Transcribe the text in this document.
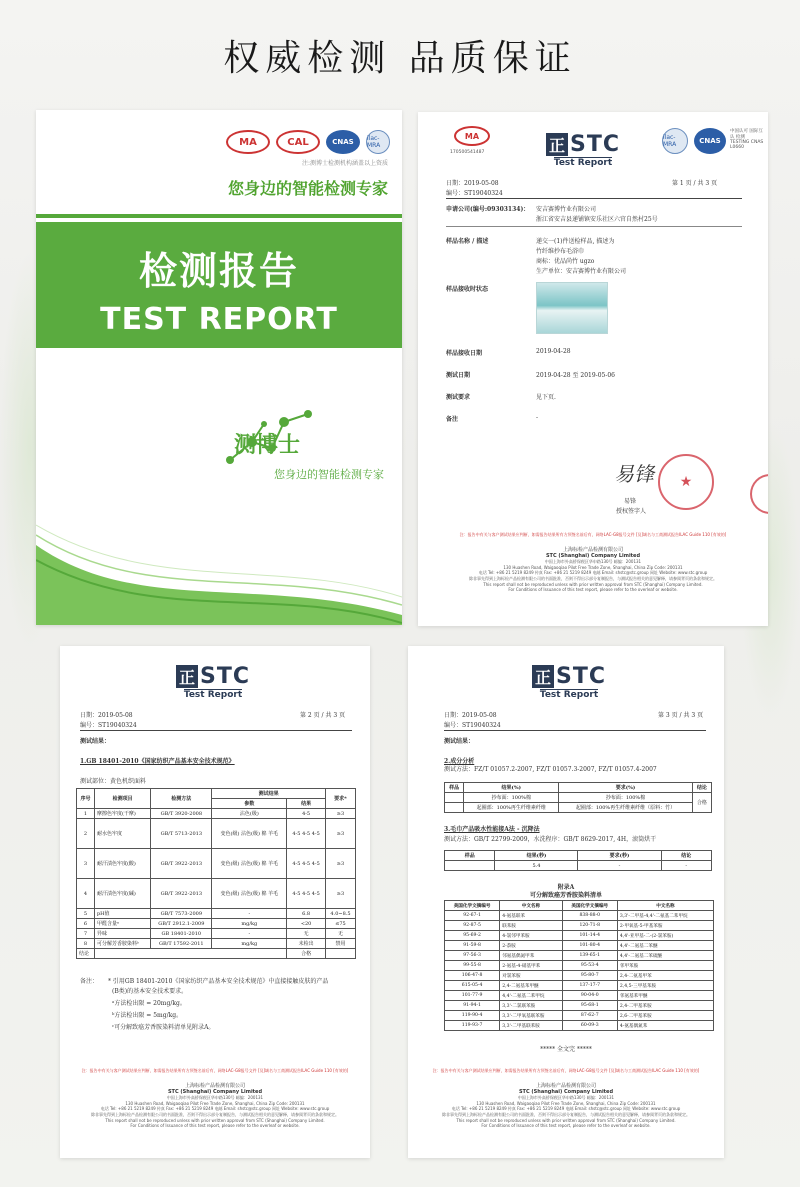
权威检测 品质保证
MA	CAL	CNAS	ilac-MRA
注:测博士检测机构涵盖以上资质
您身边的智能检测专家
检测报告
TEST REPORT
测博士
您身边的智能检测专家
MA
170500541487	正 STC
Test Report
ilac-MRA	CNAS
中国认可 国际互认 检测 TESTING CNAS L0660
日期：2019-05-08
编号：ST19040324
第 1 页 / 共 3 页
申请公司(编号:09303134)： 安吉赛博竹业有限公司
浙江省安吉县递铺镇安乐社区六官自然村25号
样品名称 / 描述	递交一(1)件送检样品, 描述为
竹纤维抄布毛浴巾
商标：优品尚竹 ugzo
生产单位：安吉赛博竹业有限公司
样品接收时状态
样品接收日期	2019-04-28
测试日期	2019-04-28 至 2019-05-06
测试要求	见下页.
备注	-
易锋	★
易锋
授权签字人
注：报告中有关与客户测试结果应判断，如需报告结果所有方须签名前后有，网络LAC-G8报号文件 [及]域名与工商测试报告ILAC Guide 110 [有效的]
上海标检产品检测有限公司
STC (Shanghai) Company Limited
中国上海市外高桥保税区华申路130号 邮编：200131
130 Huashen Road, Waigaoqiao Pilot Free Trade Zone, Shanghai, China Zip Code: 200131
电话 Tel: +86 21 5219 8249 传真 Fax: +86 21 5219 8249 电邮 Email: shstc@stc.group 网址 Website: www.stc.group
除非事先得到上海标检产品检测有限公司的书面批准，否则不得出示部分复制报告，与测试报告相关的意见解释，请参阅背页的条款和规定。
This report shall not be reproduced unless with prior written approval from STC (Shanghai) Company Limited.
For Conditions of Issuance of this test report, please refer to the overleaf or website.
正 STC
Test Report
日期：2019-05-08
编号：ST19040324
第 2 页 / 共 3 页
测试结果：
1.GB 18401-2010《国家纺织产品基本安全技术规范》
测试部位：黄色机织面料
序号	检测项目	检测方法	测试结果		要求*
			参数	结果	
1	摩擦色牢度(干摩)	GB/T 3920-2008	沾色(级)	4-5	≥3
2	耐水色牢度	GB/T 5713-2013	变色(级) 沾色(级) 棉 羊毛	4-5 4-5 4-5	≥3
3	耐汗渍色牢度(酸)	GB/T 3922-2013	变色(级) 沾色(级) 棉 羊毛	4-5 4-5 4-5	≥3
4	耐汗渍色牢度(碱)	GB/T 3922-2013	变色(级) 沾色(级) 棉 羊毛	4-5 4-5 4-5	≥3
5	pH值	GB/T 7573-2009	-	6.8	4.0~8.5
6	甲醛含量ᵃ	GB/T 2912.1-2009	mg/kg	<20	≤75
7	异味	GB 18401-2010	-	无	无
8	可分解芳香胺染料ᵇ	GB/T 17592-2011	mg/kg	未检出	禁用
结论				合格	
备注： * 引用GB 18401-2010《国家纺织产品基本安全技术规范》中直接接触皮肤的产品
(B类)的基本安全技术要求。
ᵃ方法检出限 = 20mg/kg。
ᵇ方法检出限 = 5mg/kg。
ᶜ可分解致癌芳香胺染料清单见附录A。
注：报告中有关与客户测试结果应判断，如需报告结果所有方须签名前后有，网络LAC-G8报号文件 [及]域名与工商测试报告ILAC Guide 110 [有效的]
上海标检产品检测有限公司
STC (Shanghai) Company Limited
中国上海市外高桥保税区华申路130号 邮编：200131
130 Huashen Road, Waigaoqiao Pilot Free Trade Zone, Shanghai, China Zip Code: 200131
电话 Tel: +86 21 5219 8249 传真 Fax: +86 21 5219 8249 电邮 Email: shstc@stc.group 网址 Website: www.stc.group
除非事先得到上海标检产品检测有限公司的书面批准，否则不得出示部分复制报告，与测试报告相关的意见解释，请参阅背页的条款和规定。
This report shall not be reproduced unless with prior written approval from STC (Shanghai) Company Limited.
For Conditions of Issuance of this test report, please refer to the overleaf or website.
正 STC
Test Report
日期：2019-05-08
编号：ST19040324
第 3 页 / 共 3 页
测试结果：
2.成分分析
测试方法：FZ/T 01057.2-2007, FZ/T 01057.3-2007, FZ/T 01057.4-2007
样品	结果(%)	要求(%)	结论
	抄布面：100%棉	抄布面：100%棉	合格
	起圈部：100%再生纤维素纤维	起圈部：100%再生纤维素纤维（原料：竹）	
3.毛巾产品吸水性能接A法 - 沉降法
测试方法：GB/T 22799-2009，水洗程序：GB/T 8629-2017, 4H，滚筒烘干
样品	结果(秒)	要求(秒)	结论
	5.4	-	-
附录A
可分解致癌芳香胺染料清单
美国化学文摘编号	中文名称	美国化学文摘编号	中文名称
92-67-1	4-氨基联苯	838-88-0	3,3'-二甲基-4,4'-二氨基二苯甲烷
92-87-5	联苯胺	120-71-8	2-甲氧基-5-甲基苯胺
95-69-2	4-氯邻甲苯胺	101-14-4	4,4'-亚甲基-二-(2-氯苯胺)
91-59-8	2-萘胺	101-80-4	4,4'-二氨基二苯醚
97-56-3	邻氨基偶氮甲苯	139-65-1	4,4'-二氨基二苯硫醚
99-55-8	2-氨基-4-硝基甲苯	95-53-4	邻甲苯胺
106-47-8	对氯苯胺	95-80-7	2,4-二氨基甲苯
615-05-4	2,4-二氨基苯甲醚	137-17-7	2,4,5-三甲基苯胺
101-77-9	4,4'-二氨基二苯甲烷	90-04-0	邻氨基苯甲醚
91-94-1	3,3'-二氯联苯胺	95-68-1	2,4-二甲基苯胺
119-90-4	3,3'-二甲氧基联苯胺	87-62-7	2,6-二甲基苯胺
119-93-7	3,3'-二甲基联苯胺	60-09-3	4-氨基偶氮苯
***** 全文完 *****
注：报告中有关与客户测试结果应判断，如需报告结果所有方须签名前后有，网络LAC-G8报号文件 [及]域名与工商测试报告ILAC Guide 110 [有效的]
上海标检产品检测有限公司
STC (Shanghai) Company Limited
中国上海市外高桥保税区华申路130号 邮编：200131
130 Huashen Road, Waigaoqiao Pilot Free Trade Zone, Shanghai, China Zip Code: 200131
电话 Tel: +86 21 5219 8249 传真 Fax: +86 21 5219 8249 电邮 Email: shstc@stc.group 网址 Website: www.stc.group
除非事先得到上海标检产品检测有限公司的书面批准，否则不得出示部分复制报告，与测试报告相关的意见解释，请参阅背页的条款和规定。
This report shall not be reproduced unless with prior written approval from STC (Shanghai) Company Limited.
For Conditions of Issuance of this test report, please refer to the overleaf or website.
